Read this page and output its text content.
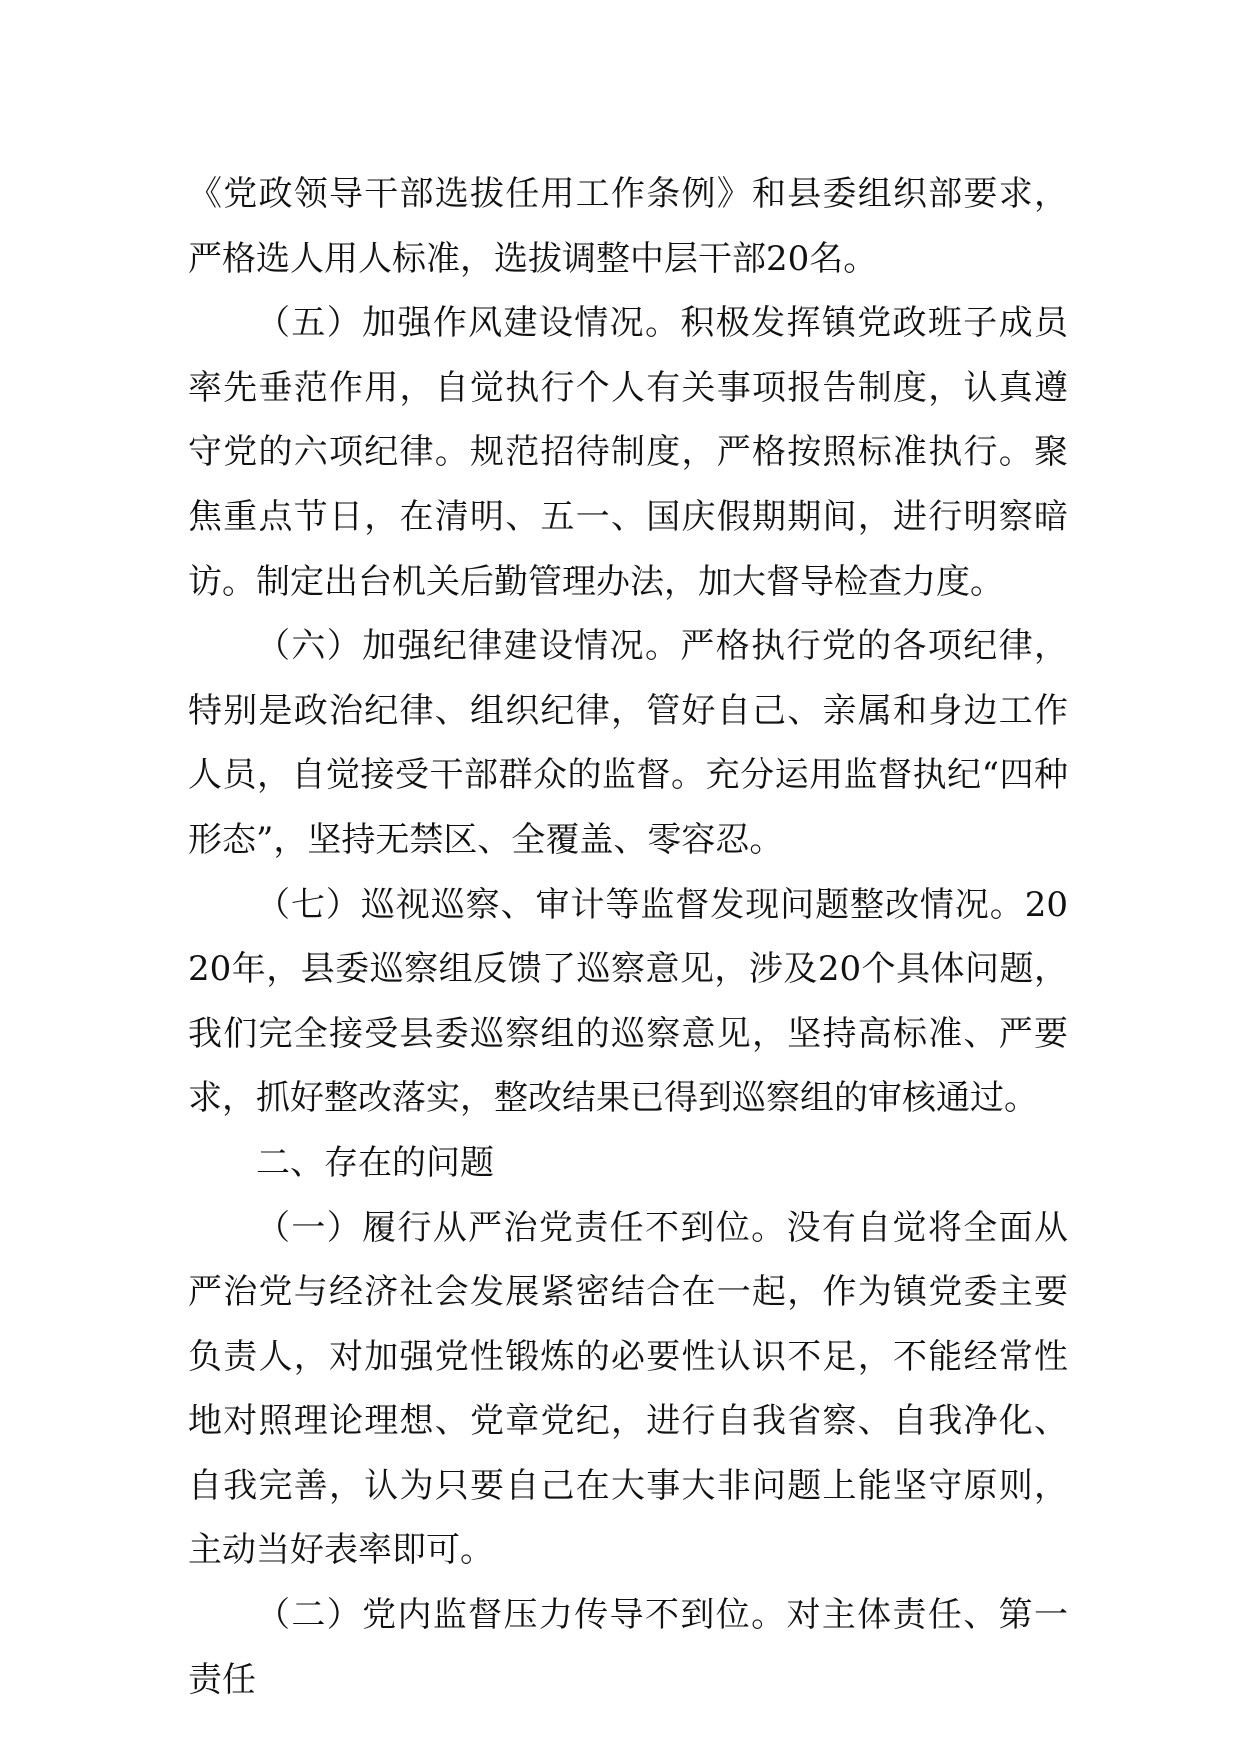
《党政领导干部选拔任用工作条例》和县委组织部要求，严格选人用人标准，选拔调整中层干部20名。

（五）加强作风建设情况。积极发挥镇党政班子成员率先垂范作用，自觉执行个人有关事项报告制度，认真遵守党的六项纪律。规范招待制度，严格按照标准执行。聚焦重点节日，在清明、五一、国庆假期期间，进行明察暗访。制定出台机关后勤管理办法，加大督导检查力度。

（六）加强纪律建设情况。严格执行党的各项纪律，特别是政治纪律、组织纪律，管好自己、亲属和身边工作人员，自觉接受干部群众的监督。充分运用监督执纪“四种形态”，坚持无禁区、全覆盖、零容忍。

（七）巡视巡察、审计等监督发现问题整改情况。2020年，县委巡察组反馈了巡察意见，涉及20个具体问题，我们完全接受县委巡察组的巡察意见，坚持高标准、严要求，抓好整改落实，整改结果已得到巡察组的审核通过。

二、存在的问题

（一）履行从严治党责任不到位。没有自觉将全面从严治党与经济社会发展紧密结合在一起，作为镇党委主要负责人，对加强党性锻炼的必要性认识不足，不能经常性地对照理论理想、党章党纪，进行自我省察、自我净化、自我完善，认为只要自己在大事大非问题上能坚守原则，主动当好表率即可。

（二）党内监督压力传导不到位。对主体责任、第一责任
